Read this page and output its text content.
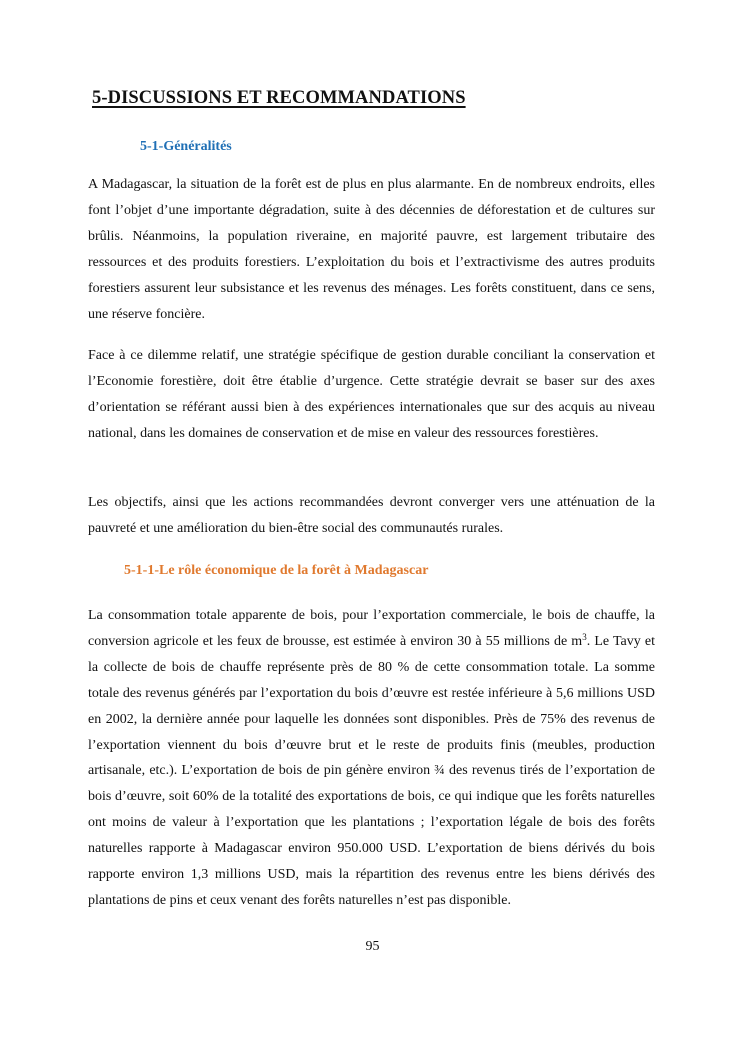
5-DISCUSSIONS ET RECOMMANDATIONS
5-1-Généralités

A Madagascar, la situation de la forêt est de plus en plus alarmante. En de nombreux endroits, elles font l’objet d’une importante dégradation, suite à des décennies de déforestation et de cultures sur brûlis. Néanmoins, la population riveraine, en majorité pauvre, est largement tributaire des ressources et des produits forestiers. L’exploitation du bois et l’extractivisme des autres produits forestiers assurent leur subsistance et les revenus des ménages. Les forêts constituent, dans ce sens, une réserve foncière.

Face à ce dilemme relatif, une stratégie spécifique de gestion durable conciliant la conservation et l’Economie forestière, doit être établie d’urgence. Cette stratégie devrait se baser sur des axes d’orientation se référant aussi bien à des expériences internationales que sur des acquis au niveau national, dans les domaines de conservation et de mise en valeur des ressources forestières.

Les objectifs, ainsi que les actions recommandées devront converger vers une atténuation de la pauvreté et une amélioration du bien-être social des communautés rurales.

5-1-1-Le rôle économique de la forêt à Madagascar

La consommation totale apparente de bois, pour l’exportation commerciale, le bois de chauffe, la conversion agricole et les feux de brousse, est estimée à environ 30 à 55 millions de $m^3$. Le Tavy et la collecte de bois de chauffe représente près de 80 % de cette consommation totale. La somme totale des revenus générés par l’exportation du bois d’œuvre est restée inférieure à 5,6 millions USD en 2002, la dernière année pour laquelle les données sont disponibles. Près de 75% des revenus de l’exportation viennent du bois d’œuvre brut et le reste de produits finis (meubles, production artisanale, etc.). L’exportation de bois de pin génère environ ¾ des revenus tirés de l’exportation de bois d’œuvre, soit 60% de la totalité des exportations de bois, ce qui indique que les forêts naturelles ont moins de valeur à l’exportation que les plantations ; l’exportation légale de bois des forêts naturelles rapporte à Madagascar environ 950.000 USD. L’exportation de biens dérivés du bois rapporte environ 1,3 millions USD, mais la répartition des revenus entre les biens dérivés des plantations de pins et ceux venant des forêts naturelles n’est pas disponible.

95
